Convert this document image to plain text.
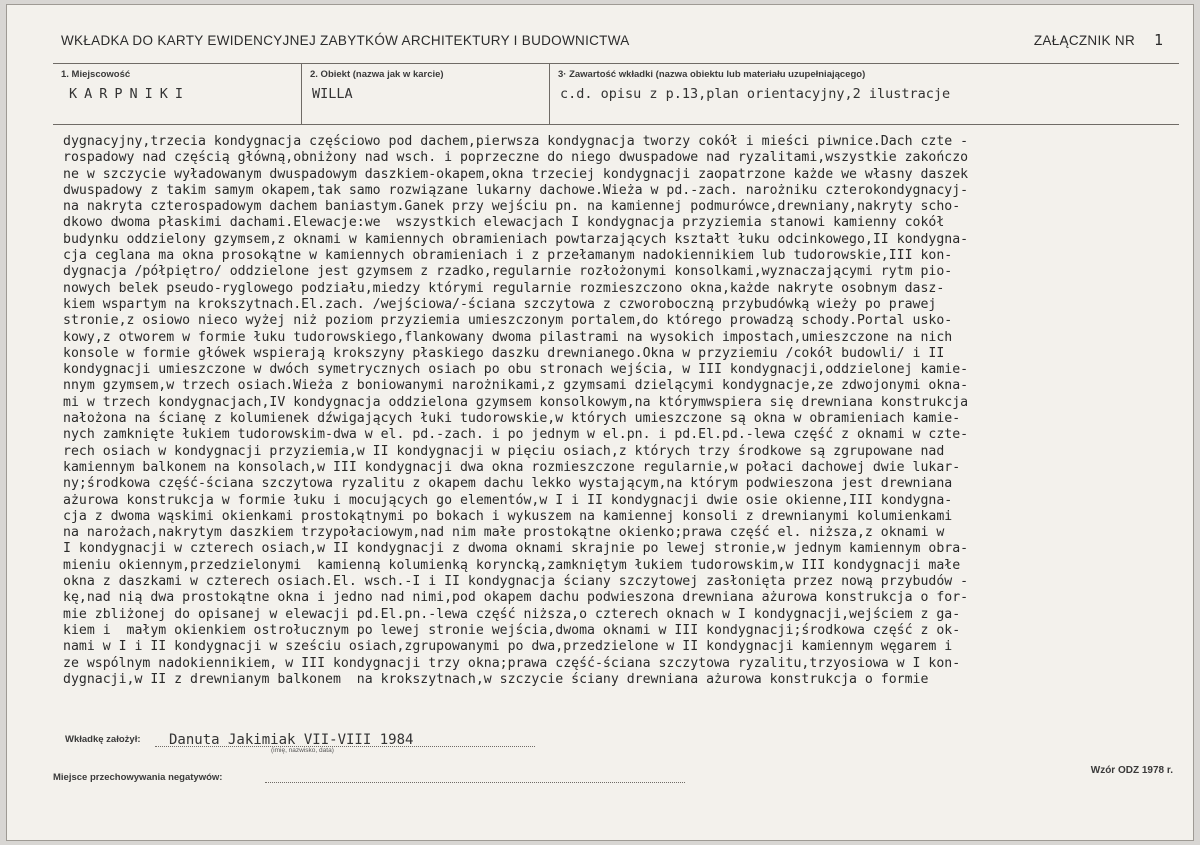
WKŁADKA DO KARTY EWIDENCYJNEJ ZABYTKÓW ARCHITEKTURY I BUDOWNICTWA	ZAŁĄCZNIK NR 1
1. Miejscowość
KARPNIKI
2. Obiekt (nazwa jak w karcie)
WILLA
3· Zawartość wkładki (nazwa obiektu lub materiału uzupełniającego)
c.d. opisu z p.13,plan orientacyjny,2 ilustracje
dygnacyjny,trzecia kondygnacja częściowo pod dachem,pierwsza kondygnacja tworzy cokół i mieści piwnice.Dach czte -
rospadowy nad częścią główną,obniżony nad wsch. i poprzeczne do niego dwuspadowe nad ryzalitami,wszystkie zakończo
ne w szczycie wyładowanym dwuspadowym daszkiem-okapem,okna trzeciej kondygnacji zaopatrzone każde we własny daszek
dwuspadowy z takim samym okapem,tak samo rozwiązane lukarny dachowe.Wieża w pd.-zach. narożniku czterokondygnacyj-
na nakryta czterospadowym dachem baniastym.Ganek przy wejściu pn. na kamiennej podmurówce,drewniany,nakryty scho-
dkowo dwoma płaskimi dachami.Elewacje:we  wszystkich elewacjach I kondygnacja przyziemia stanowi kamienny cokół
budynku oddzielony gzymsem,z oknami w kamiennych obramieniach powtarzających kształt łuku odcinkowego,II kondygna-
cja ceglana ma okna prosokątne w kamiennych obramieniach i z przełamanym nadokiennikiem lub tudorowskie,III kon-
dygnacja /półpiętro/ oddzielone jest gzymsem z rzadko,regularnie rozłożonymi konsolkami,wyznaczającymi rytm pio-
nowych belek pseudo-ryglowego podziału,miedzy którymi regularnie rozmieszczono okna,każde nakryte osobnym dasz-
kiem wspartym na krokszytnach.El.zach. /wejściowa/-ściana szczytowa z czworoboczną przybudówką wieży po prawej
stronie,z osiowo nieco wyżej niż poziom przyziemia umieszczonym portalem,do którego prowadzą schody.Portal usko-
kowy,z otworem w formie łuku tudorowskiego,flankowany dwoma pilastrami na wysokich impostach,umieszczone na nich
konsole w formie główek wspierają krokszyny płaskiego daszku drewnianego.Okna w przyziemiu /cokół budowli/ i II
kondygnacji umieszczone w dwóch symetrycznych osiach po obu stronach wejścia, w III kondygnacji,oddzielonej kamie-
nnym gzymsem,w trzech osiach.Wieża z boniowanymi narożnikami,z gzymsami dzielącymi kondygnacje,ze zdwojonymi okna-
mi w trzech kondygnacjach,IV kondygnacja oddzielona gzymsem konsolkowym,na którymwspiera się drewniana konstrukcja
nałożona na ścianę z kolumienek dźwigających łuki tudorowskie,w których umieszczone są okna w obramieniach kamie-
nych zamknięte łukiem tudorowskim-dwa w el. pd.-zach. i po jednym w el.pn. i pd.El.pd.-lewa część z oknami w czte-
rech osiach w kondygnacji przyziemia,w II kondygnacji w pięciu osiach,z których trzy środkowe są zgrupowane nad
kamiennym balkonem na konsolach,w III kondygnacji dwa okna rozmieszczone regularnie,w połaci dachowej dwie lukar-
ny;środkowa część-ściana szczytowa ryzalitu z okapem dachu lekko wystającym,na którym podwieszona jest drewniana
ażurowa konstrukcja w formie łuku i mocujących go elementów,w I i II kondygnacji dwie osie okienne,III kondygna-
cja z dwoma wąskimi okienkami prostokątnymi po bokach i wykuszem na kamiennej konsoli z drewnianymi kolumienkami
na narożach,nakrytym daszkiem trzypołaciowym,nad nim małe prostokątne okienko;prawa część el. niższa,z oknami w
I kondygnacji w czterech osiach,w II kondygnacji z dwoma oknami skrajnie po lewej stronie,w jednym kamiennym obra-
mieniu okiennym,przedzielonymi  kamienną kolumienką koryncką,zamkniętym łukiem tudorowskim,w III kondygnacji małe
okna z daszkami w czterech osiach.El. wsch.-I i II kondygnacja ściany szczytowej zasłonięta przez nową przybudów -
kę,nad nią dwa prostokątne okna i jedno nad nimi,pod okapem dachu podwieszona drewniana ażurowa konstrukcja o for-
mie zbliżonej do opisanej w elewacji pd.El.pn.-lewa część niższa,o czterech oknach w I kondygnacji,wejściem z ga-
kiem i  małym okienkiem ostrołucznym po lewej stronie wejścia,dwoma oknami w III kondygnacji;środkowa część z ok-
nami w I i II kondygnacji w sześciu osiach,zgrupowanymi po dwa,przedzielone w II kondygnacji kamiennym węgarem i
ze wspólnym nadokiennikiem, w III kondygnacji trzy okna;prawa część-ściana szczytowa ryzalitu,trzyosiowa w I kon-
dygnacji,w II z drewnianym balkonem  na krokszytnach,w szczycie ściany drewniana ażurowa konstrukcja o formie
Wkładkę założył: Danuta Jakimiak VII-VIII 1984
(imię, nazwisko, data)
Miejsce przechowywania negatywów:
Wzór ODZ 1978 r.
